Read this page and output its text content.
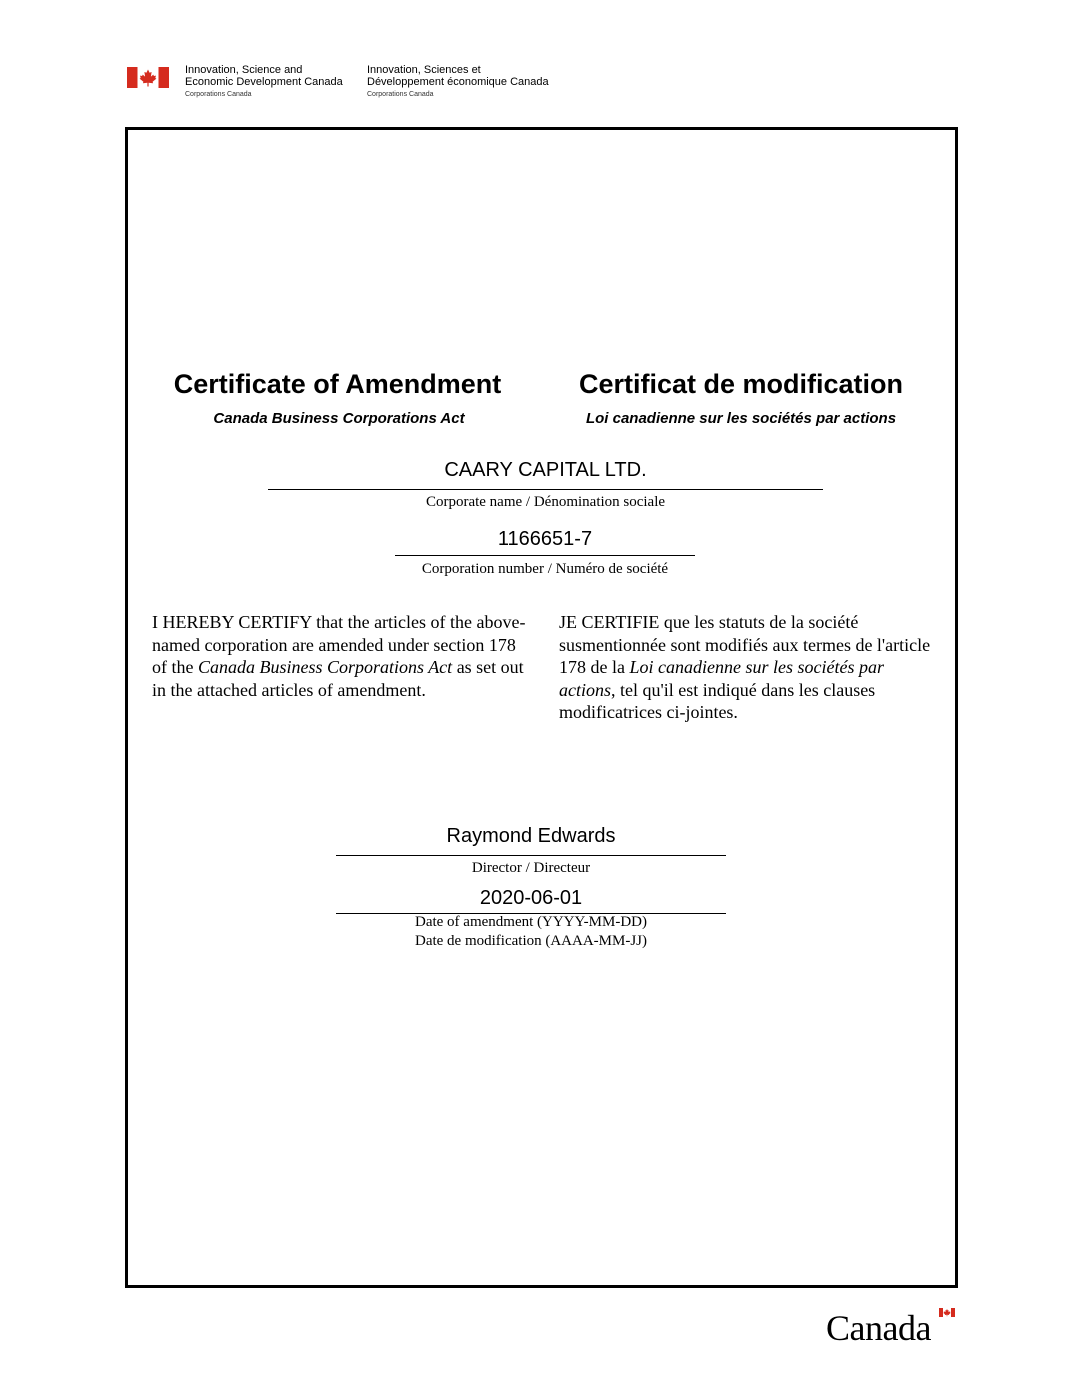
Innovation, Science and
Economic Development Canada
Corporations Canada
Innovation, Sciences et
Développement économique Canada
Corporations Canada
Certificate of Amendment	Certificat de modification
Canada Business Corporations Act	Loi canadienne sur les sociétés par actions
CAARY CAPITAL LTD.
Corporate name / Dénomination sociale
1166651-7
Corporation number / Numéro de société
I HEREBY CERTIFY that the articles of the above-named corporation are amended under section 178 of the Canada Business Corporations Act as set out in the attached articles of amendment.
JE CERTIFIE que les statuts de la société susmentionnée sont modifiés aux termes de l'article 178 de la Loi canadienne sur les sociétés par actions, tel qu'il est indiqué dans les clauses modificatrices ci-jointes.
Raymond Edwards
Director / Directeur
2020-06-01
Date of amendment (YYYY-MM-DD)
Date de modification (AAAA-MM-JJ)
Canada
